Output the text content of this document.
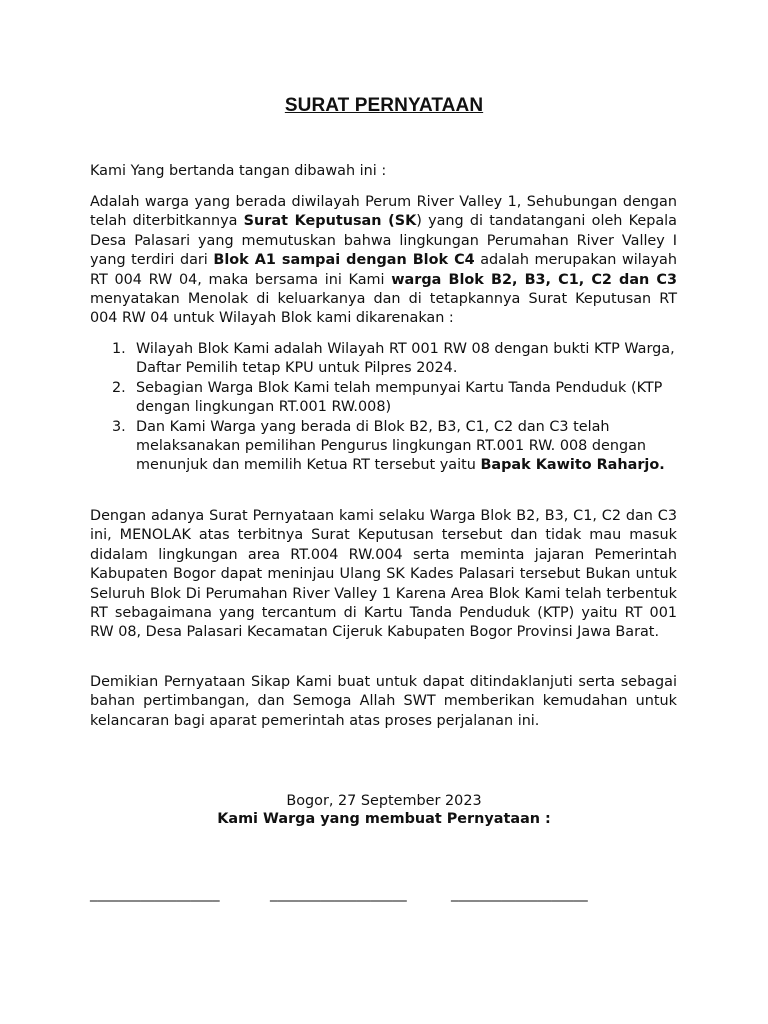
SURAT PERNYATAAN
Kami Yang bertanda tangan dibawah ini :
Adalah warga yang berada diwilayah Perum River Valley 1, Sehubungan dengan telah diterbitkannya Surat Keputusan (SK) yang di tandatangani oleh Kepala Desa Palasari yang memutuskan bahwa lingkungan Perumahan River Valley I yang terdiri dari Blok A1 sampai dengan Blok C4 adalah merupakan wilayah RT 004 RW 04, maka bersama ini Kami warga Blok B2, B3, C1, C2 dan C3 menyatakan Menolak di keluarkanya dan di tetapkannya Surat Keputusan RT 004 RW 04 untuk Wilayah Blok kami dikarenakan :
1. Wilayah Blok Kami adalah Wilayah RT 001 RW 08 dengan bukti KTP Warga, Daftar Pemilih tetap KPU untuk Pilpres 2024.
2. Sebagian Warga Blok Kami telah mempunyai Kartu Tanda Penduduk (KTP dengan lingkungan RT.001 RW.008)
3. Dan Kami Warga yang berada di Blok B2, B3, C1, C2 dan C3 telah melaksanakan pemilihan Pengurus lingkungan RT.001 RW. 008 dengan menunjuk dan memilih Ketua RT tersebut yaitu Bapak Kawito Raharjo.
Dengan adanya Surat Pernyataan kami selaku Warga Blok B2, B3, C1, C2 dan C3 ini, MENOLAK atas terbitnya Surat Keputusan tersebut dan tidak mau masuk didalam lingkungan area RT.004 RW.004 serta meminta jajaran Pemerintah Kabupaten Bogor dapat meninjau Ulang SK Kades Palasari tersebut Bukan untuk Seluruh Blok Di Perumahan River Valley 1 Karena Area Blok Kami telah terbentuk RT sebagaimana yang tercantum di Kartu Tanda Penduduk (KTP) yaitu RT 001 RW 08, Desa Palasari Kecamatan Cijeruk Kabupaten Bogor Provinsi Jawa Barat.
Demikian Pernyataan Sikap Kami buat untuk dapat ditindaklanjuti serta sebagai bahan pertimbangan, dan Semoga Allah SWT memberikan kemudahan untuk kelancaran bagi aparat pemerintah atas proses perjalanan ini.
Bogor, 27 September 2023
Kami Warga yang membuat Pernyataan :
__________________	___________________	___________________
